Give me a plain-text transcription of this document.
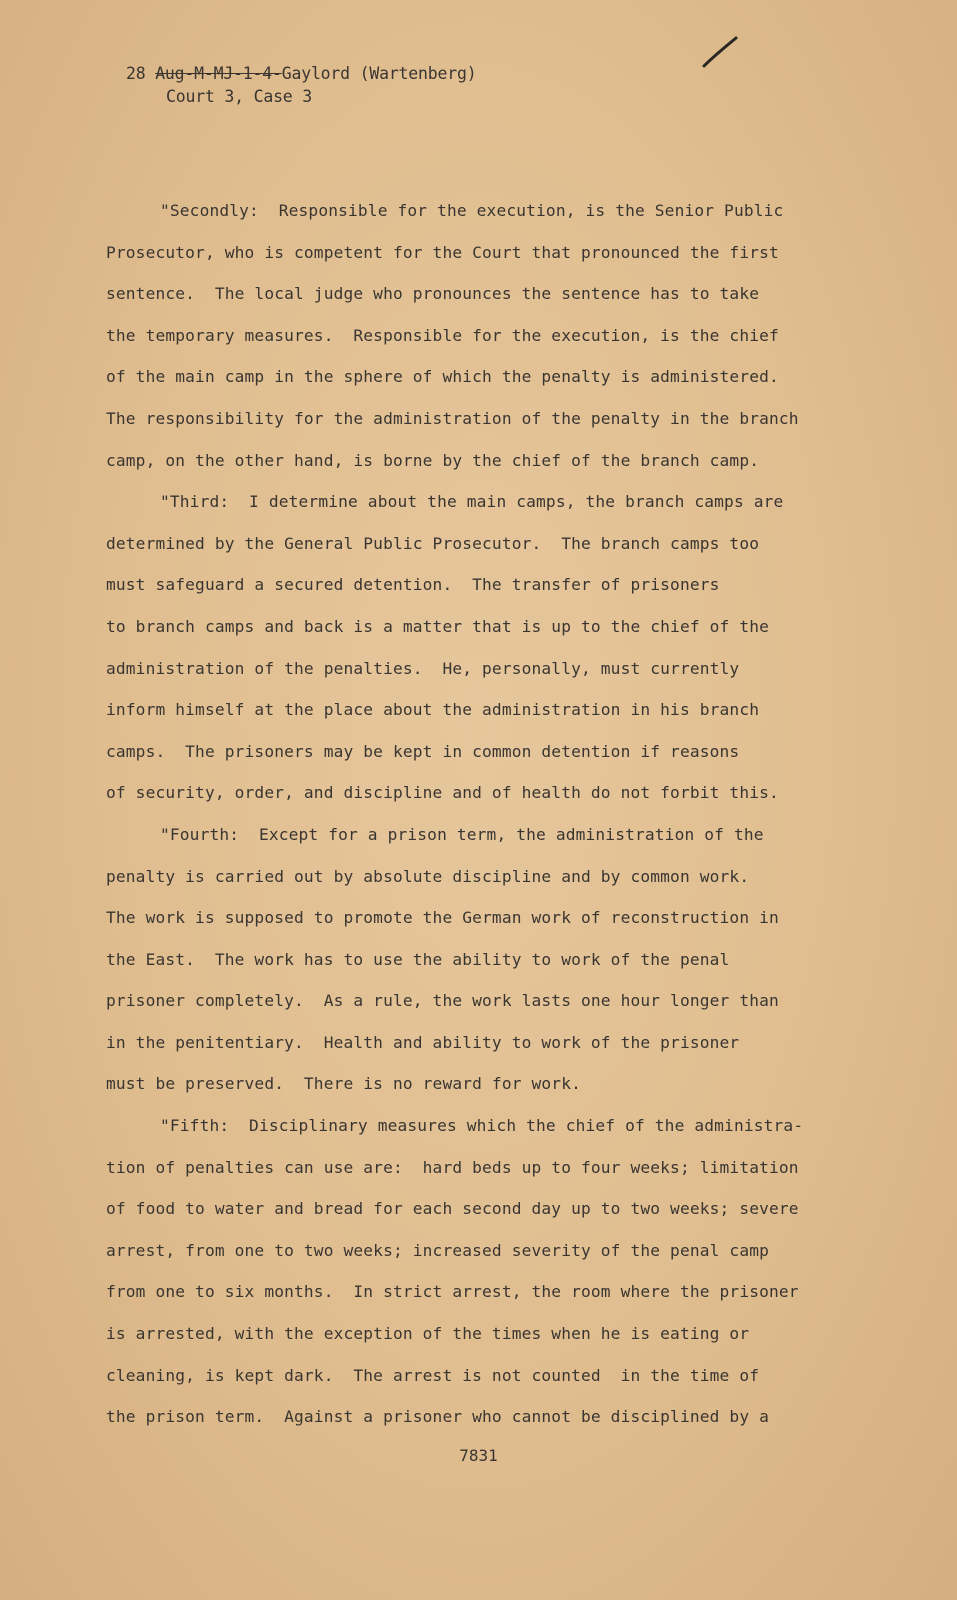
28 Aug-M-MJ-1-4-Gaylord (Wartenberg)
Court 3, Case 3
"Secondly:  Responsible for the execution, is the Senior Public
Prosecutor, who is competent for the Court that pronounced the first
sentence.  The local judge who pronounces the sentence has to take
the temporary measures.  Responsible for the execution, is the chief
of the main camp in the sphere of which the penalty is administered.
The responsibility for the administration of the penalty in the branch
camp, on the other hand, is borne by the chief of the branch camp.
"Third:  I determine about the main camps, the branch camps are
determined by the General Public Prosecutor.  The branch camps too
must safeguard a secured detention.  The transfer of prisoners
to branch camps and back is a matter that is up to the chief of the
administration of the penalties.  He, personally, must currently
inform himself at the place about the administration in his branch
camps.  The prisoners may be kept in common detention if reasons
of security, order, and discipline and of health do not forbit this.
"Fourth:  Except for a prison term, the administration of the
penalty is carried out by absolute discipline and by common work.
The work is supposed to promote the German work of reconstruction in
the East.  The work has to use the ability to work of the penal
prisoner completely.  As a rule, the work lasts one hour longer than
in the penitentiary.  Health and ability to work of the prisoner
must be preserved.  There is no reward for work.
"Fifth:  Disciplinary measures which the chief of the administra-
tion of penalties can use are:  hard beds up to four weeks; limitation
of food to water and bread for each second day up to two weeks; severe
arrest, from one to two weeks; increased severity of the penal camp
from one to six months.  In strict arrest, the room where the prisoner
is arrested, with the exception of the times when he is eating or
cleaning, is kept dark.  The arrest is not counted  in the time of
the prison term.  Against a prisoner who cannot be disciplined by a
7831
